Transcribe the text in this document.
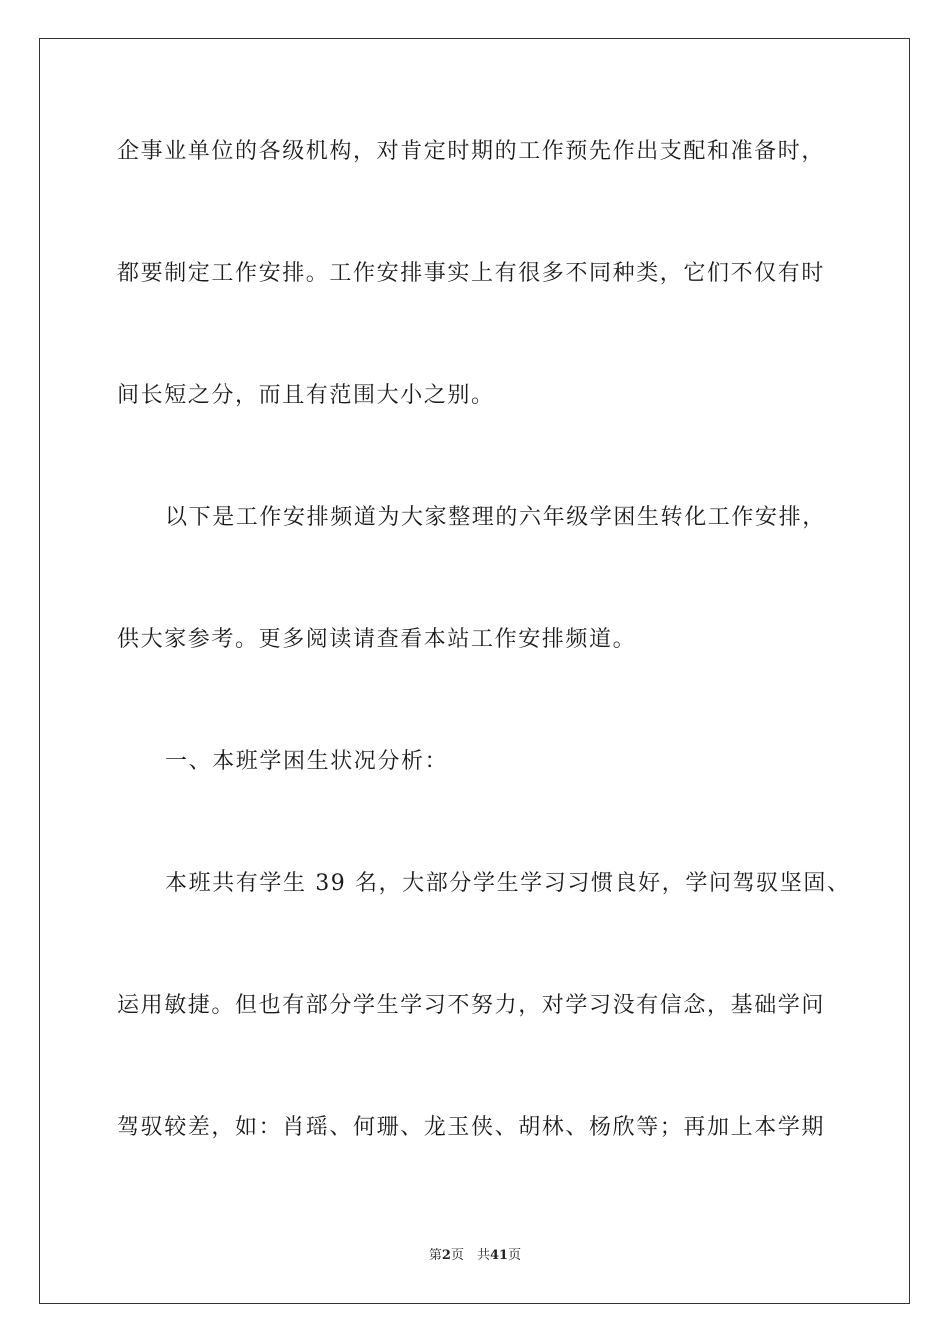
企事业单位的各级机构，对肯定时期的工作预先作出支配和准备时，
都要制定工作安排。工作安排事实上有很多不同种类，它们不仅有时
间长短之分，而且有范围大小之别。
以下是工作安排频道为大家整理的六年级学困生转化工作安排，
供大家参考。更多阅读请查看本站工作安排频道。
一、本班学困生状况分析：
本班共有学生 39 名，大部分学生学习习惯良好，学问驾驭坚固、
运用敏捷。但也有部分学生学习不努力，对学习没有信念，基础学问
驾驭较差，如：肖瑶、何珊、龙玉侠、胡林、杨欣等；再加上本学期
第2页　共41页
